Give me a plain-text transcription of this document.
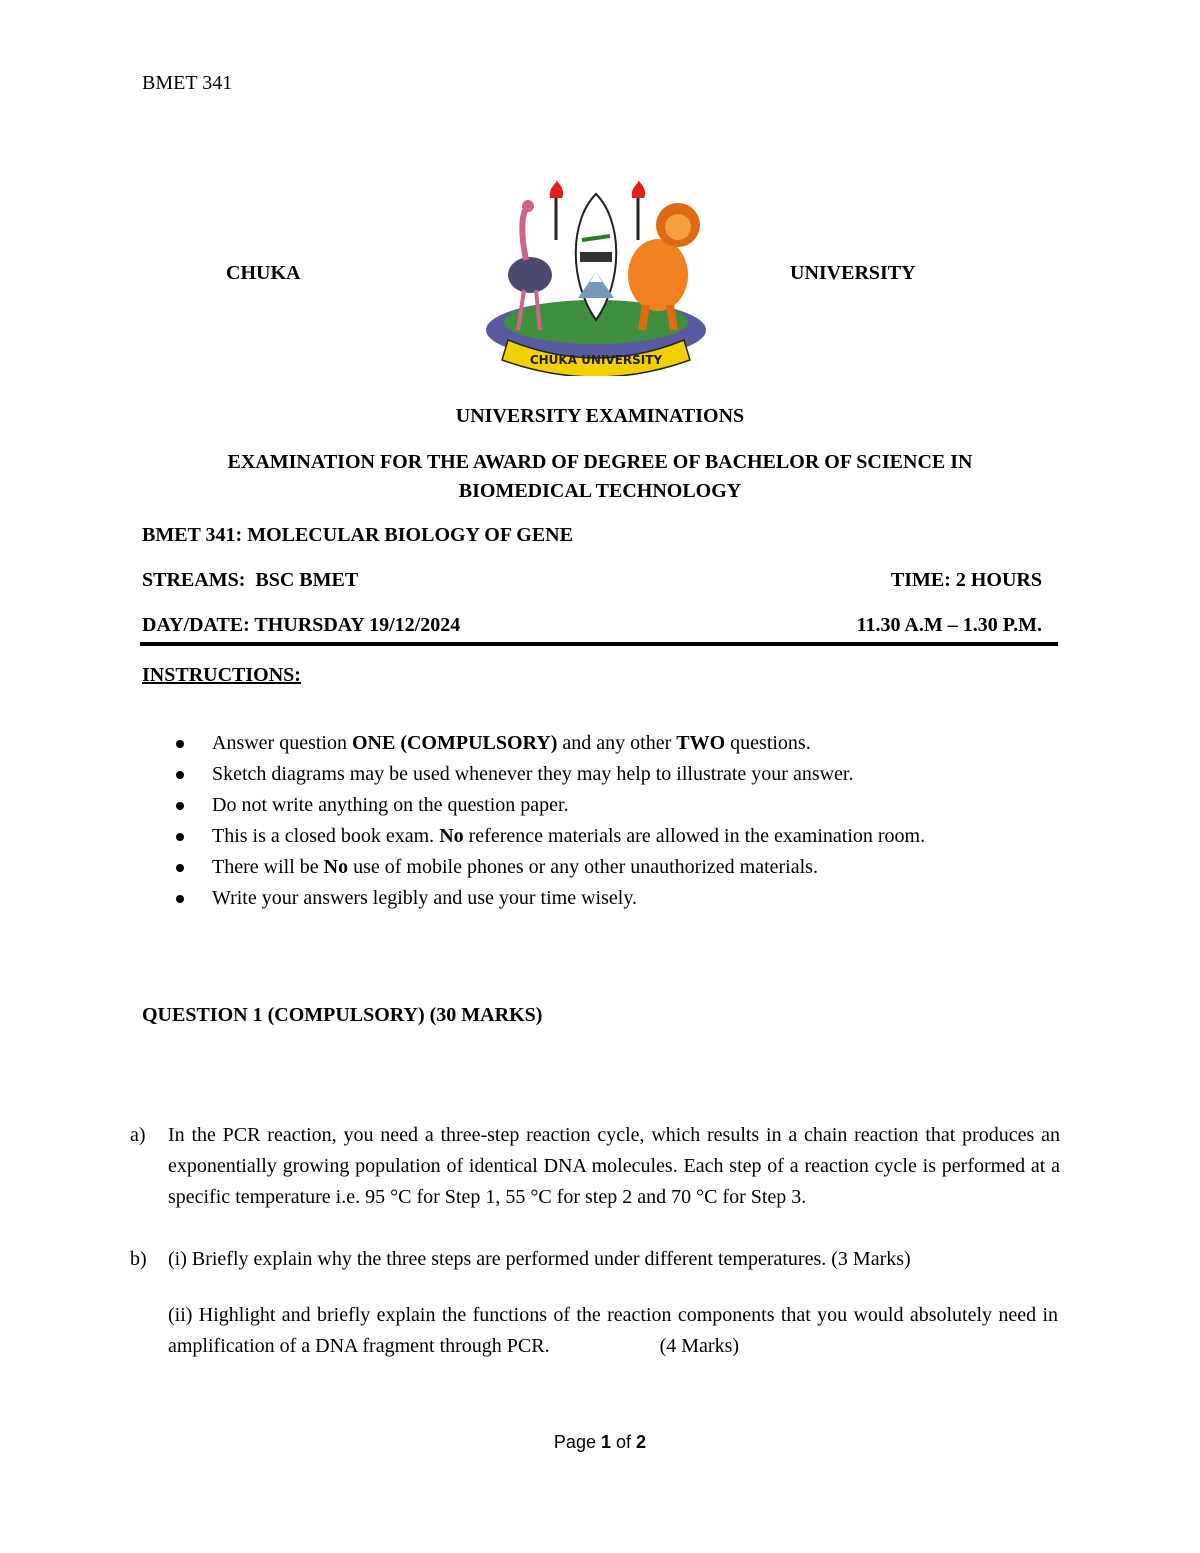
BMET 341
CHUKA	UNIVERSITY
CHUKA UNIVERSITY
UNIVERSITY EXAMINATIONS
EXAMINATION FOR THE AWARD OF DEGREE OF BACHELOR OF SCIENCE IN
BIOMEDICAL TECHNOLOGY
BMET 341: MOLECULAR BIOLOGY OF GENE
STREAMS:  BSC BMET	TIME: 2 HOURS
DAY/DATE: THURSDAY 19/12/2024	11.30 A.M – 1.30 P.M.
INSTRUCTIONS:
Answer question ONE (COMPULSORY) and any other TWO questions.
Sketch diagrams may be used whenever they may help to illustrate your answer.
Do not write anything on the question paper.
This is a closed book exam. No reference materials are allowed in the examination room.
There will be No use of mobile phones or any other unauthorized materials.
Write your answers legibly and use your time wisely.
QUESTION 1 (COMPULSORY) (30 MARKS)
a) In the PCR reaction, you need a three-step reaction cycle, which results in a chain reaction that produces an exponentially growing population of identical DNA molecules. Each step of a reaction cycle is performed at a specific temperature i.e. 95 °C for Step 1, 55 °C for step 2 and 70 °C for Step 3.
b) (i) Briefly explain why the three steps are performed under different temperatures. (3 Marks)
(ii) Highlight and briefly explain the functions of the reaction components that you would absolutely need in amplification of a DNA fragment through PCR.	(4 Marks)
Page 1 of 2
